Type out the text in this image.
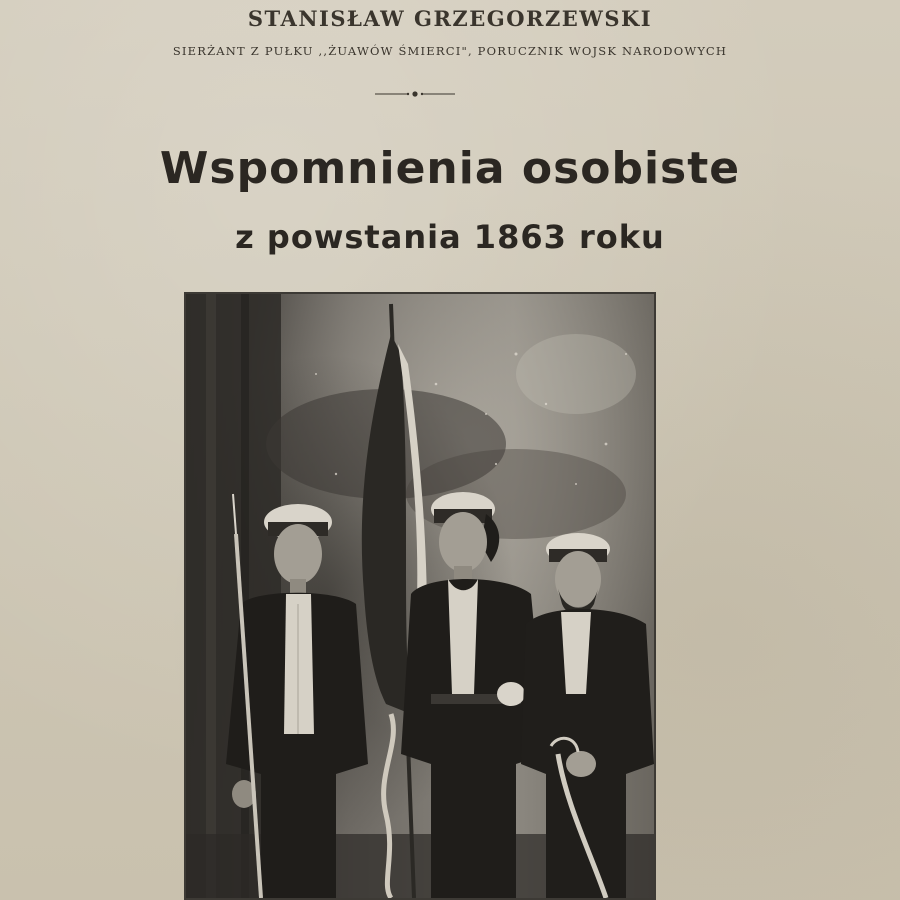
STANISŁAW GRZEGORZEWSKI
SIERŻANT Z PUŁKU ,,ŻUAWÓW ŚMIERCI", PORUCZNIK WOJSK NARODOWYCH
Wspomnienia osobiste
z powstania 1863 roku
